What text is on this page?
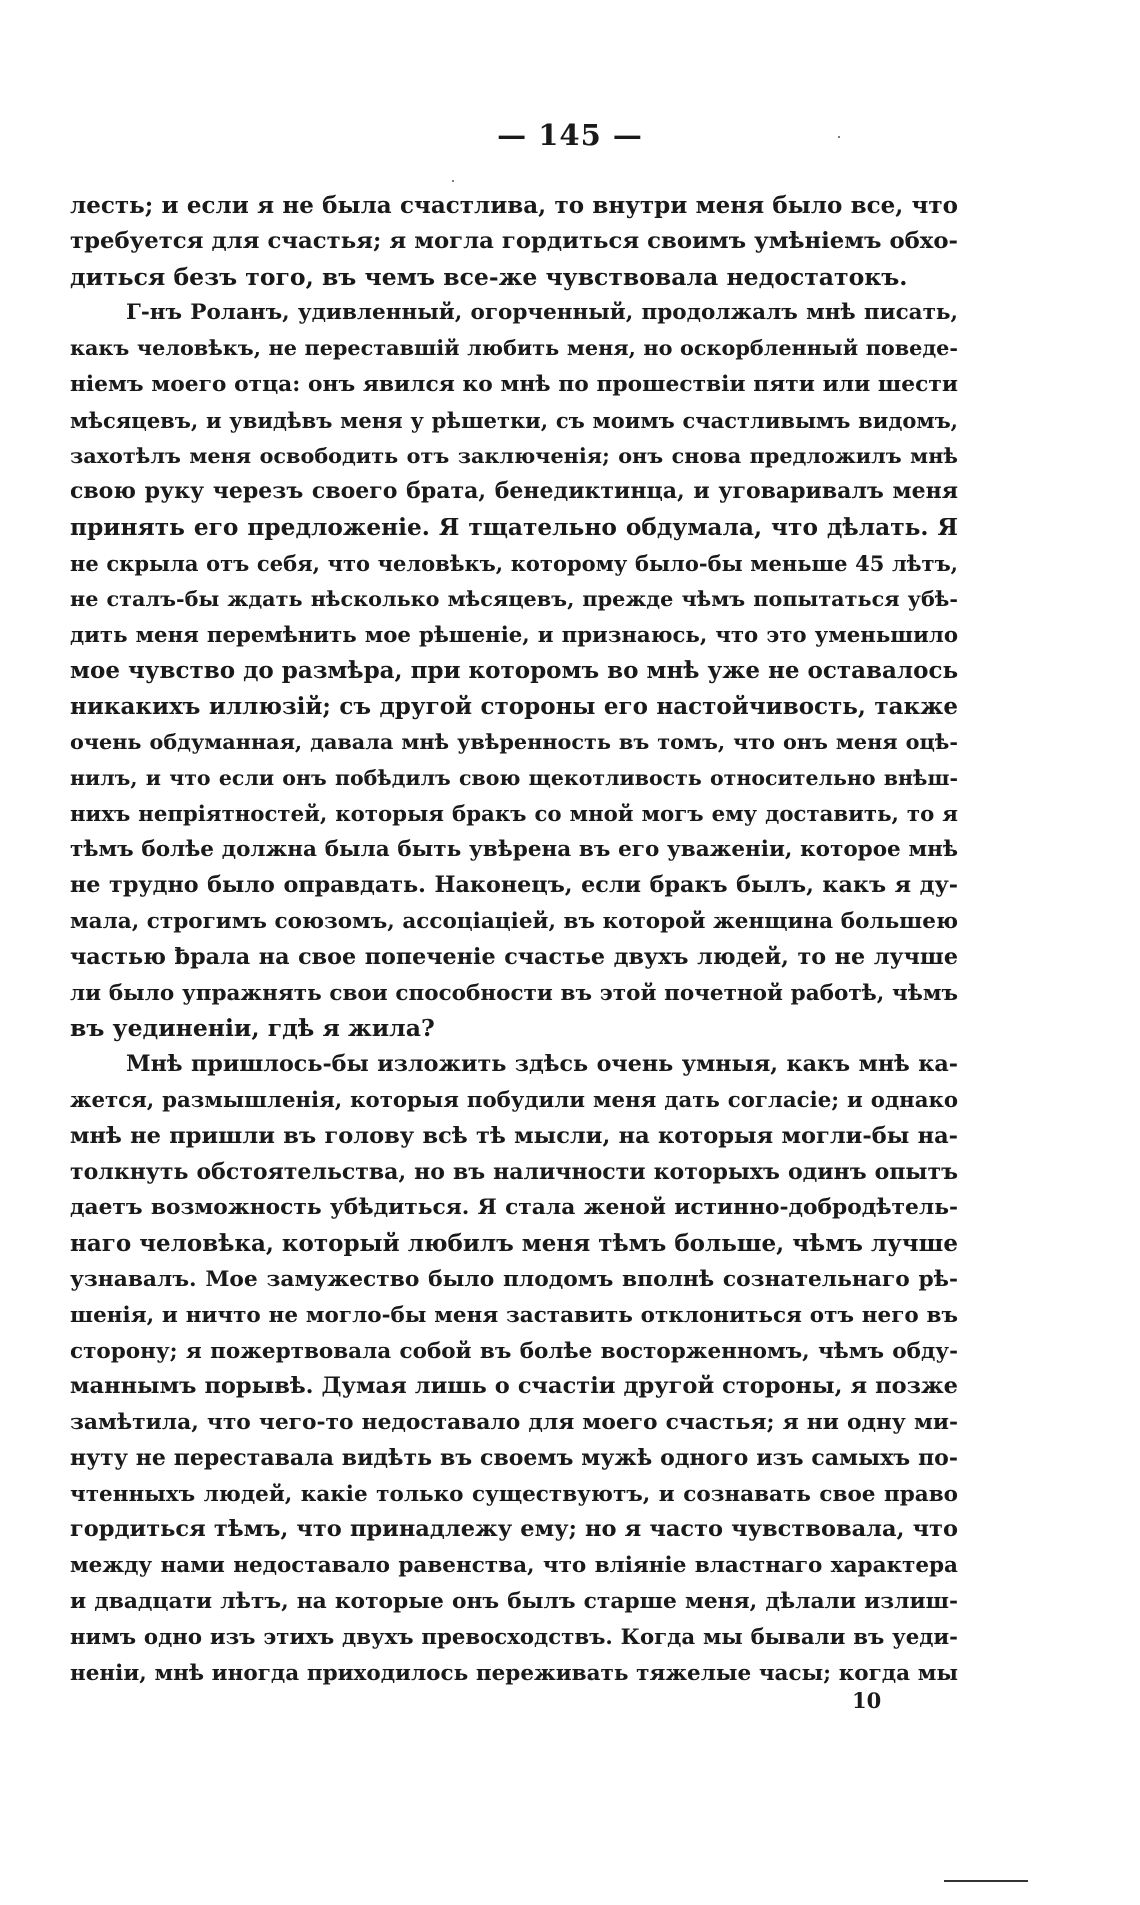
— 145 —
лесть; и если я не была счастлива, то внутри меня было все, что
требуется для счастья; я могла гордиться своимъ умѣніемъ обхо-
диться безъ того, въ чемъ все-же чувствовала недостатокъ.
Г-нъ Роланъ, удивленный, огорченный, продолжалъ мнѣ писать,
какъ человѣкъ, не переставшій любить меня, но оскорбленный поведе-
ніемъ моего отца: онъ явился ко мнѣ по прошествіи пяти или шести
мѣсяцевъ, и увидѣвъ меня у рѣшетки, съ моимъ счастливымъ видомъ,
захотѣлъ меня освободить отъ заключенія; онъ снова предложилъ мнѣ
свою руку черезъ своего брата, бенедиктинца, и уговаривалъ меня
принять его предложеніе. Я тщательно обдумала, что дѣлать. Я
не скрыла отъ себя, что человѣкъ, которому было-бы меньше 45 лѣтъ,
не сталъ-бы ждать нѣсколько мѣсяцевъ, прежде чѣмъ попытаться убѣ-
дить меня перемѣнить мое рѣшеніе, и признаюсь, что это уменьшило
мое чувство до размѣра, при которомъ во мнѣ уже не оставалось
никакихъ иллюзій; съ другой стороны его настойчивость, также
очень обдуманная, давала мнѣ увѣренность въ томъ, что онъ меня оцѣ-
нилъ, и что если онъ побѣдилъ свою щекотливость относительно внѣш-
нихъ непріятностей, которыя бракъ со мной могъ ему доставить, то я
тѣмъ болѣе должна была быть увѣрена въ его уваженіи, которое мнѣ
не трудно было оправдать. Наконецъ, если бракъ былъ, какъ я ду-
мала, строгимъ союзомъ, ассоціацiей, въ которой женщина большею
частью ƀрала на свое попеченіе счастье двухъ людей, то не лучше
ли было упражнять свои способности въ этой почетной работѣ, чѣмъ
въ уединеніи, гдѣ я жила?
Мнѣ пришлось-бы изложить здѣсь очень умныя, какъ мнѣ ка-
жется, размышленія, которыя побудили меня дать согласіе; и однако
мнѣ не пришли въ голову всѣ тѣ мысли, на которыя могли-бы на-
толкнуть обстоятельства, но въ наличности которыхъ одинъ опытъ
даетъ возможность убѣдиться. Я стала женой истинно-добродѣтель-
наго человѣка, который любилъ меня тѣмъ больше, чѣмъ лучше
узнавалъ. Мое замужество было плодомъ вполнѣ сознательнаго рѣ-
шенія, и ничто не могло-бы меня заставить отклониться отъ него въ
сторону; я пожертвовала собой въ болѣе восторженномъ, чѣмъ обду-
маннымъ порывѣ. Думая лишь о счастіи другой стороны, я позже
замѣтила, что чего-то недоставало для моего счастья; я ни одну ми-
нуту не переставала видѣть въ своемъ мужѣ одного изъ самыхъ по-
чтенныхъ людей, какіе только существуютъ, и сознавать свое право
гордиться тѣмъ, что принадлежу ему; но я часто чувствовала, что
между нами недоставало равенства, что вліяніе властнаго характера
и двадцати лѣтъ, на которые онъ былъ старше меня, дѣлали излиш-
нимъ одно изъ этихъ двухъ превосходствъ. Когда мы бывали въ уеди-
неніи, мнѣ иногда приходилось переживать тяжелые часы; когда мы
10
